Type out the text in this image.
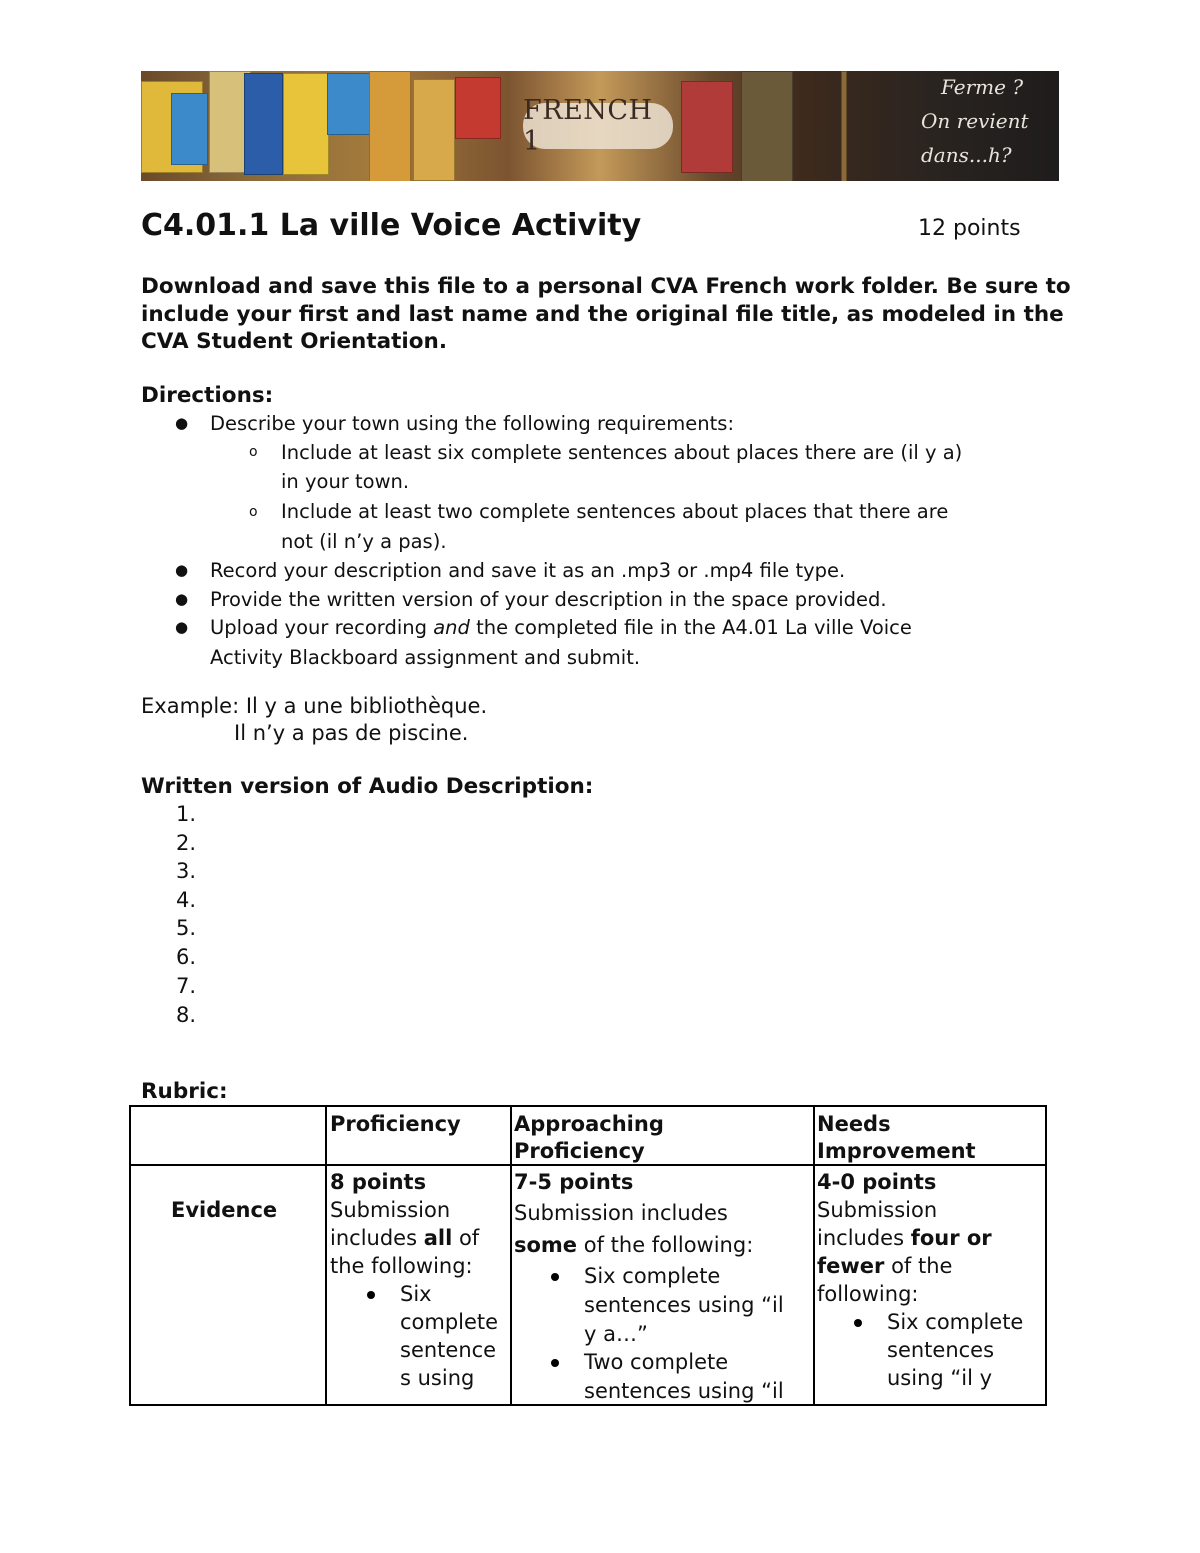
FRENCH 1
Ferme ?
On revient
dans...h?
C4.01.1 La ville Voice Activity	12 points
Download and save this file to a personal CVA French work folder. Be sure to include your first and last name and the original file title, as modeled in the CVA Student Orientation.
Directions:
● Describe your town using the following requirements:
o Include at least six complete sentences about places there are (il y a)
in your town.
o Include at least two complete sentences about places that there are
not (il n’y a pas).
● Record your description and save it as an .mp3 or .mp4 file type.
● Provide the written version of your description in the space provided.
● Upload your recording and the completed file in the A4.01 La ville Voice
Activity Blackboard assignment and submit.
Example: Il y a une bibliothèque.
Il n’y a pas de piscine.
Written version of Audio Description:
1.
2.
3.
4.
5.
6.
7.
8.
Rubric:
Proficiency	Approaching
Proficiency
Needs
Improvement
Evidence
8 points
Submission
includes all of
the following:
Six
complete
sentence
s using
7-5 points
Submission includes
some of the following:
Six complete
sentences using “il
y a…”
Two complete
sentences using “il
4-0 points
Submission
includes four or
fewer of the
following:
Six complete
sentences
using “il y
